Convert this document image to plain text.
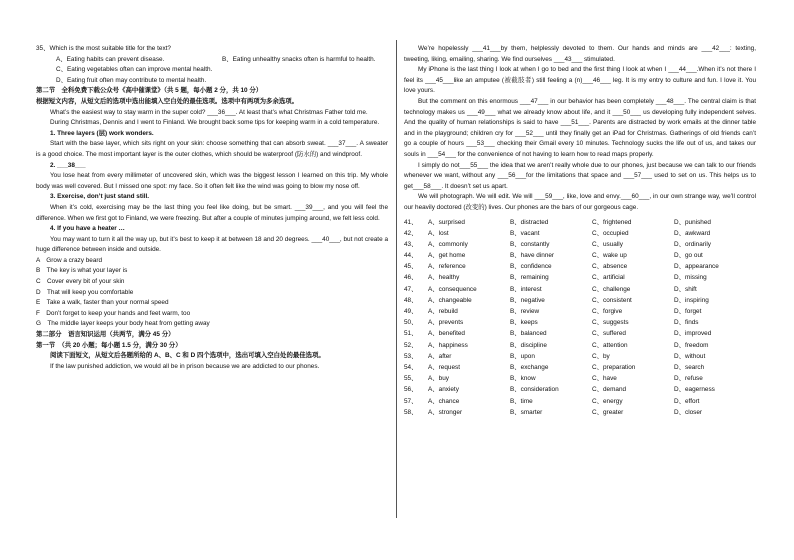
35、Which is the most suitable title for the text?

A、Eating habits can prevent disease.	B、Eating unhealthy snacks often is harmful to health.
C、Eating vegetables often can improve mental health.
D、Eating fruit often may contribute to mental health.

第二节　全科免费下载公众号《高中催课堂》（共 5 题，每小题 2 分，共 10 分）

根据短文内容，从短文后的选项中选出能填入空白处的最佳选项。选项中有两项为多余选项。

What’s the easiest way to stay warm in the super cold? ___36___. At least that’s what Christmas Father told me.

During Christmas, Dennis and I went to Finland. We brought back some tips for keeping warm in a cold temperature.

1. Three layers (层) work wonders.

Start with the base layer, which sits right on your skin: choose something that can absorb sweat. ___37___. A sweater is a good choice. The most important layer is the outer clothes, which should be waterproof (防水的) and windproof.

2. ___38___

You lose heat from every millimeter of uncovered skin, which was the biggest lesson I learned on this trip. My whole body was well covered. But I missed one spot: my face. So it often felt like the wind was going to blow my nose off.

3. Exercise, don’t just stand still.

When it’s cold, exercising may be the last thing you feel like doing, but be smart. ___39___, and you will feel the difference. When we first got to Finland, we were freezing. But after a couple of minutes jumping around, we felt less cold.

4. If you have a heater …

You may want to turn it all the way up, but it’s best to keep it at between 18 and 20 degrees. ___40___, but not create a huge difference between inside and outside.

A　Grow a crazy beard

B　The key is what your layer is

C　Cover every bit of your skin

D　That will keep you comfortable

E　Take a walk, faster than your normal speed

F　Don’t forget to keep your hands and feet warm, too

G　The middle layer keeps your body heat from getting away

第二部分　语言知识运用（共两节，满分 45 分）

第一节　（共 20 小题；每小题 1.5 分，满分 30 分）

阅读下面短文，从短文后各题所给的 A、B、C 和 D 四个选项中，选出可填入空白处的最佳选项。

If the law punished addiction, we would all be in prison because we are addicted to our phones.

We’re hopelessly ___41___by them, helplessly devoted to them. Our hands and minds are ___42___: texting, tweeting, liking, emailing, sharing. We find ourselves ___43___ stimulated.

My iPhone is the last thing I look at when I go to bed and the first thing I look at when I ___44___.When it’s not there I feel its ___45___like an amputee (被截肢者) still feeling a (n)___46___ leg. It is my entry to culture and fun. I love it. You love yours.

But the comment on this enormous ___47___ in our behavior has been completely ___48___. The central claim is that technology makes us ___49___ what we already know about life, and it ___50___ us developing fully independent selves. And the quality of human relationships is said to have ___51___. Parents are distracted by work emails at the dinner table and in the playground; children cry for ___52___ until they finally get an iPad for Christmas. Gatherings of old friends can’t go a couple of hours ___53___ checking their Gmail every 10 minutes. Technology sucks the life out of us, and takes our souls in ___54___ for the convenience of not having to learn how to read maps properly.

I simply do not___55___ the idea that we aren’t really whole due to our phones, just because we can talk to our friends whenever we want, without any ___56___for the limitations that space and ___57___ used to set on us. This helps us to get___58___. It doesn’t set us apart.

We will photograph. We will edit. We will ___59___, like, love and envy.___60___, in our own strange way, we’ll control our heavily doctored (改变的) lives. Our phones are the bars of our gorgeous cage.

41、	A、surprised	B、distracted	C、frightened	D、punished
42、	A、lost	B、vacant	C、occupied	D、awkward
43、	A、commonly	B、constantly	C、usually	D、ordinarily
44、	A、get home	B、have dinner	C、wake up	D、go out
45、	A、reference	B、confidence	C、absence	D、appearance
46、	A、healthy	B、remaining	C、artificial	D、missing
47、	A、consequence	B、interest	C、challenge	D、shift
48、	A、changeable	B、negative	C、consistent	D、inspiring
49、	A、rebuild	B、review	C、forgive	D、forget
50、	A、prevents	B、keeps	C、suggests	D、finds
51、	A、benefited	B、balanced	C、suffered	D、improved
52、	A、happiness	B、discipline	C、attention	D、freedom
53、	A、after	B、upon	C、by	D、without
54、	A、request	B、exchange	C、preparation	D、search
55、	A、buy	B、know	C、have	D、refuse
56、	A、anxiety	B、consideration	C、demand	D、eagerness
57、	A、chance	B、time	C、energy	D、effort
58、	A、stronger	B、smarter	C、greater	D、closer
